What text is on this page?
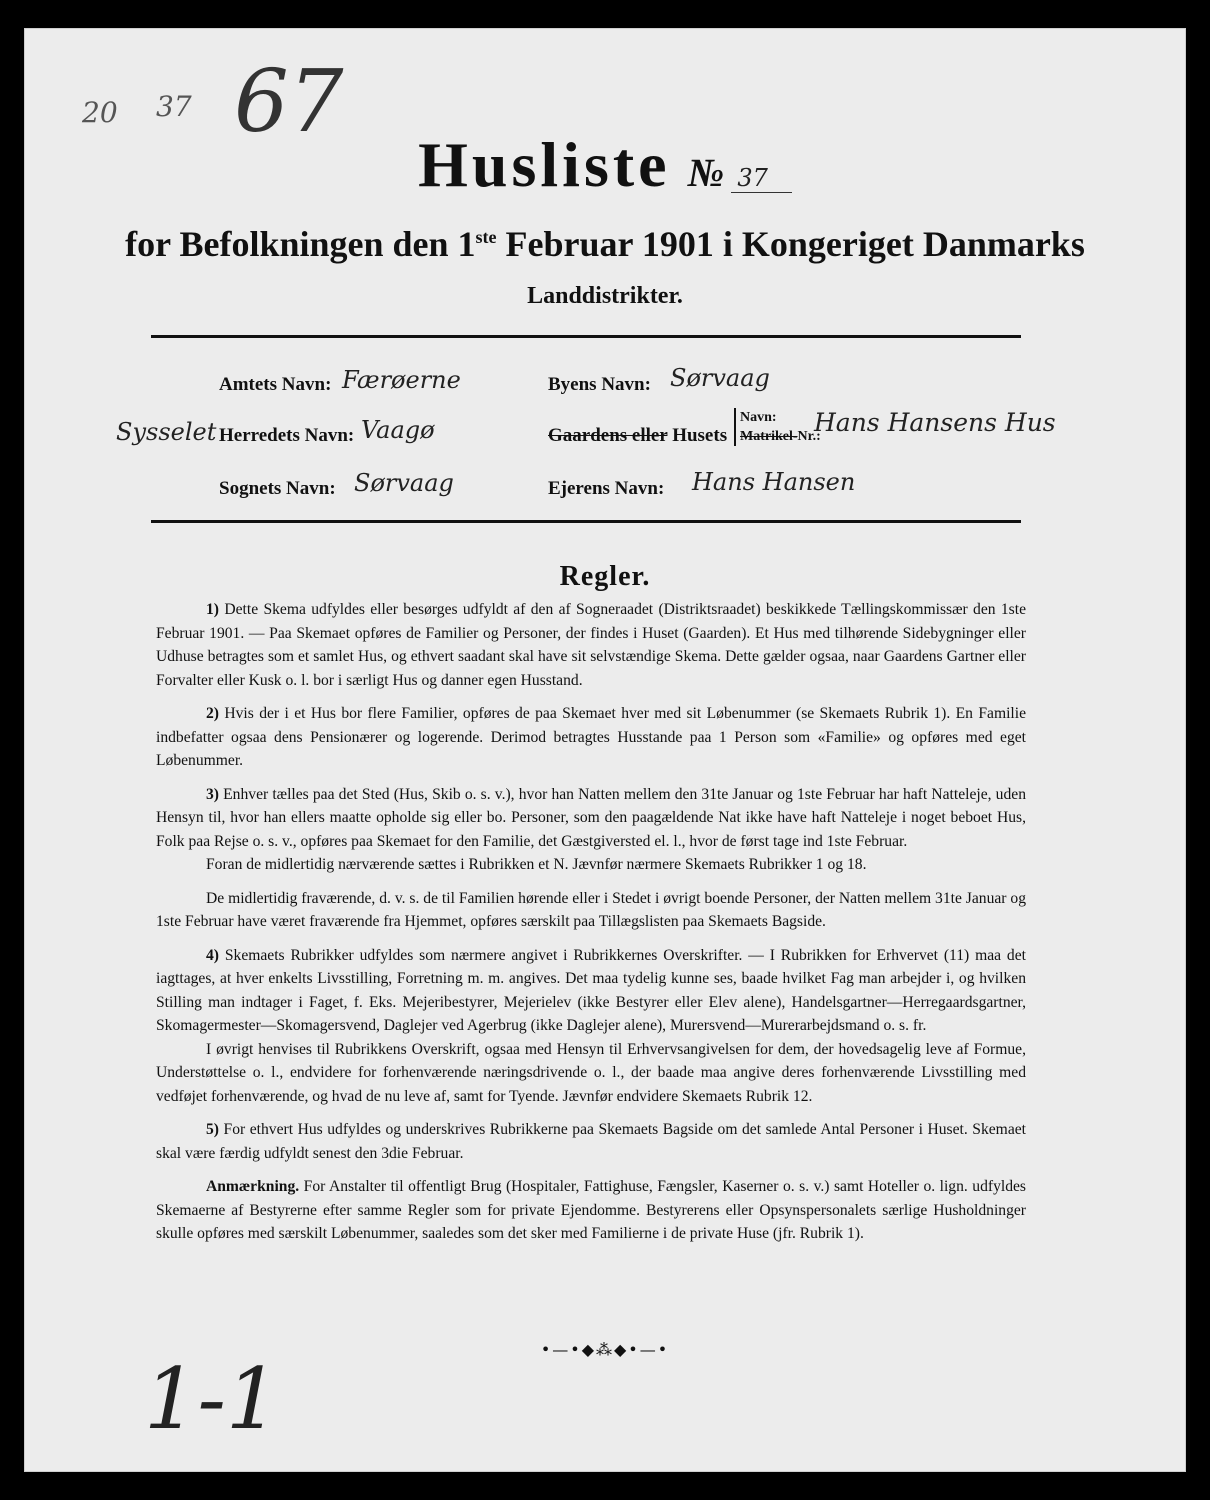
20 37 67
Husliste № 37
for Befolkningen den 1ste Februar 1901 i Kongeriget Danmarks
Landdistrikter.
Amtets Navn: Færøerne
Sysselet Herredets Navn: Vaagø
Sognets Navn: Sørvaag
Byens Navn: Sørvaag
Gaardens eller Husets
Navn:
Matrikel-Nr.:
Hans Hansens Hus
Ejerens Navn: Hans Hansen
Regler.

1) Dette Skema udfyldes eller besørges udfyldt af den af Sogneraadet (Distriktsraadet) beskikkede Tællingskommissær den 1ste Februar 1901. — Paa Skemaet opføres de Familier og Personer, der findes i Huset (Gaarden). Et Hus med tilhørende Sidebygninger eller Udhuse betragtes som et samlet Hus, og ethvert saadant skal have sit selvstændige Skema. Dette gælder ogsaa, naar Gaardens Gartner eller Forvalter eller Kusk o. l. bor i særligt Hus og danner egen Husstand.

2) Hvis der i et Hus bor flere Familier, opføres de paa Skemaet hver med sit Løbenummer (se Skemaets Rubrik 1). En Familie indbefatter ogsaa dens Pensionærer og logerende. Derimod betragtes Husstande paa 1 Person som «Familie» og opføres med eget Løbenummer.

3) Enhver tælles paa det Sted (Hus, Skib o. s. v.), hvor han Natten mellem den 31te Januar og 1ste Februar har haft Natteleje, uden Hensyn til, hvor han ellers maatte opholde sig eller bo. Personer, som den paagældende Nat ikke have haft Natteleje i noget beboet Hus, Folk paa Rejse o. s. v., opføres paa Skemaet for den Familie, det Gæstgiversted el. l., hvor de først tage ind 1ste Februar.

Foran de midlertidig nærværende sættes i Rubrikken et N. Jævnfør nærmere Skemaets Rubrikker 1 og 18.

De midlertidig fraværende, d. v. s. de til Familien hørende eller i Stedet i øvrigt boende Personer, der Natten mellem 31te Januar og 1ste Februar have været fraværende fra Hjemmet, opføres særskilt paa Tillægslisten paa Skemaets Bagside.

4) Skemaets Rubrikker udfyldes som nærmere angivet i Rubrikkernes Overskrifter. — I Rubrikken for Erhvervet (11) maa det iagttages, at hver enkelts Livsstilling, Forretning m. m. angives. Det maa tydelig kunne ses, baade hvilket Fag man arbejder i, og hvilken Stilling man indtager i Faget, f. Eks. Mejeribestyrer, Mejerielev (ikke Bestyrer eller Elev alene), Handelsgartner—Herregaardsgartner, Skomagermester—Skomagersvend, Daglejer ved Agerbrug (ikke Daglejer alene), Murersvend—Murerarbejdsmand o. s. fr.

I øvrigt henvises til Rubrikkens Overskrift, ogsaa med Hensyn til Erhvervsangivelsen for dem, der hovedsagelig leve af Formue, Understøttelse o. l., endvidere for forhenværende næringsdrivende o. l., der baade maa angive deres forhenværende Livsstilling med vedføjet forhenværende, og hvad de nu leve af, samt for Tyende. Jævnfør endvidere Skemaets Rubrik 12.

5) For ethvert Hus udfyldes og underskrives Rubrikkerne paa Skemaets Bagside om det samlede Antal Personer i Huset. Skemaet skal være færdig udfyldt senest den 3die Februar.

Anmærkning. For Anstalter til offentligt Brug (Hospitaler, Fattighuse, Fængsler, Kaserner o. s. v.) samt Hoteller o. lign. udfyldes Skemaerne af Bestyrerne efter samme Regler som for private Ejendomme. Bestyrerens eller Opsynspersonalets særlige Husholdninger skulle opføres med særskilt Løbenummer, saaledes som det sker med Familierne i de private Huse (jfr. Rubrik 1).

1-1
•—•◆⁂◆•—•
